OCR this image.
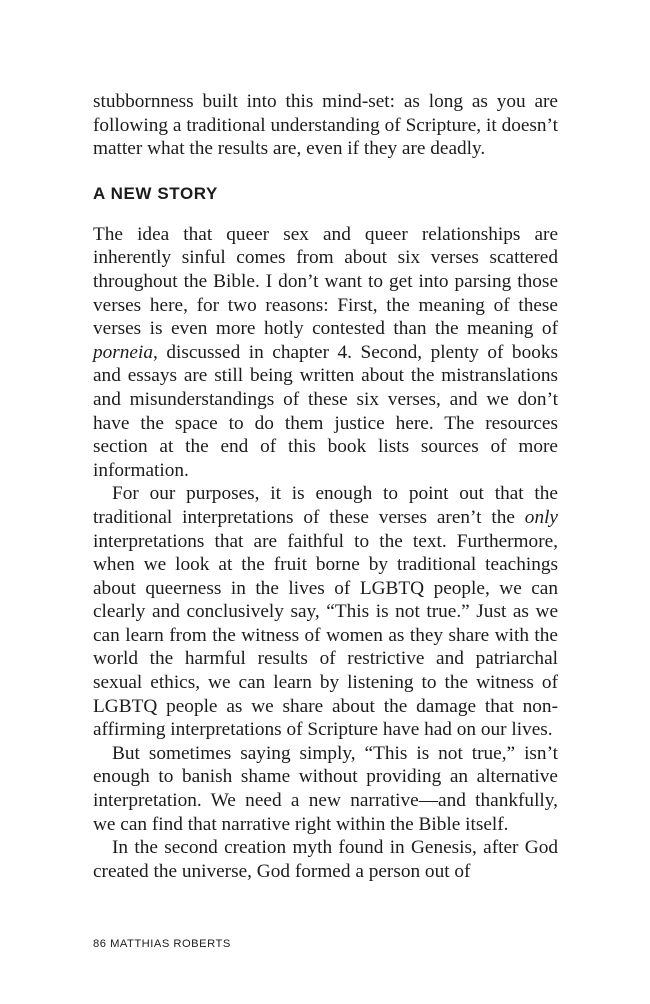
stubbornness built into this mind-set: as long as you are following a traditional understanding of Scripture, it doesn’t matter what the results are, even if they are deadly.

A NEW STORY

The idea that queer sex and queer relationships are inherently sinful comes from about six verses scattered throughout the Bible. I don’t want to get into parsing those verses here, for two reasons: First, the meaning of these verses is even more hotly contested than the meaning of porneia, discussed in chapter 4. Second, plenty of books and essays are still being written about the mistranslations and misunderstandings of these six verses, and we don’t have the space to do them justice here. The resources section at the end of this book lists sources of more information.

For our purposes, it is enough to point out that the traditional interpretations of these verses aren’t the only interpretations that are faithful to the text. Furthermore, when we look at the fruit borne by traditional teachings about queerness in the lives of LGBTQ people, we can clearly and conclusively say, “This is not true.” Just as we can learn from the witness of women as they share with the world the harmful results of restrictive and patriarchal sexual ethics, we can learn by listening to the witness of LGBTQ people as we share about the damage that non-affirming interpretations of Scripture have had on our lives.

But sometimes saying simply, “This is not true,” isn’t enough to banish shame without providing an alternative interpretation. We need a new narrative—and thankfully, we can find that narrative right within the Bible itself.

In the second creation myth found in Genesis, after God created the universe, God formed a person out of

86 MATTHIAS ROBERTS
